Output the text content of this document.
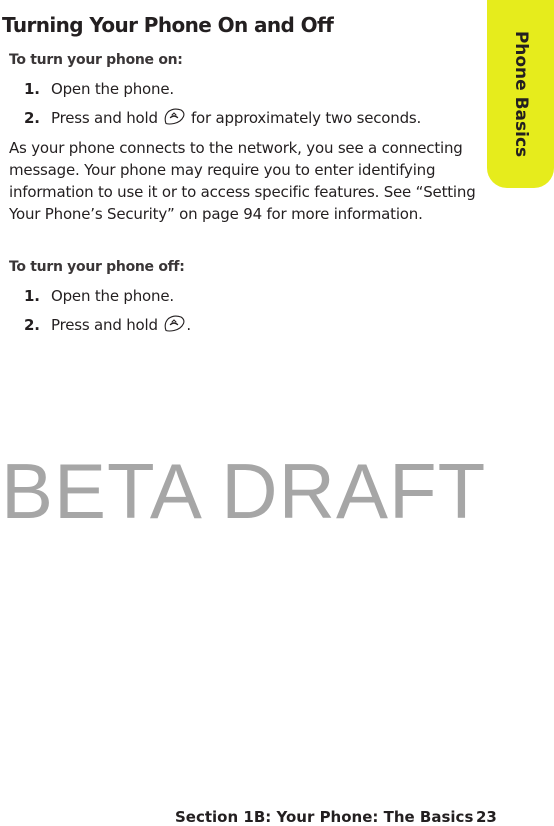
Phone Basics
Turning Your Phone On and Off
To turn your phone on:
1. Open the phone.
2. Press and hold for approximately two seconds.

As your phone connects to the network, you see a connecting message. Your phone may require you to enter identifying information to use it or to access specific features. See “Setting Your Phone’s Security” on page 94 for more information.

To turn your phone off:
1. Open the phone.
2. Press and hold .
BETA DRAFT
Section 1B: Your Phone: The Basics 23
